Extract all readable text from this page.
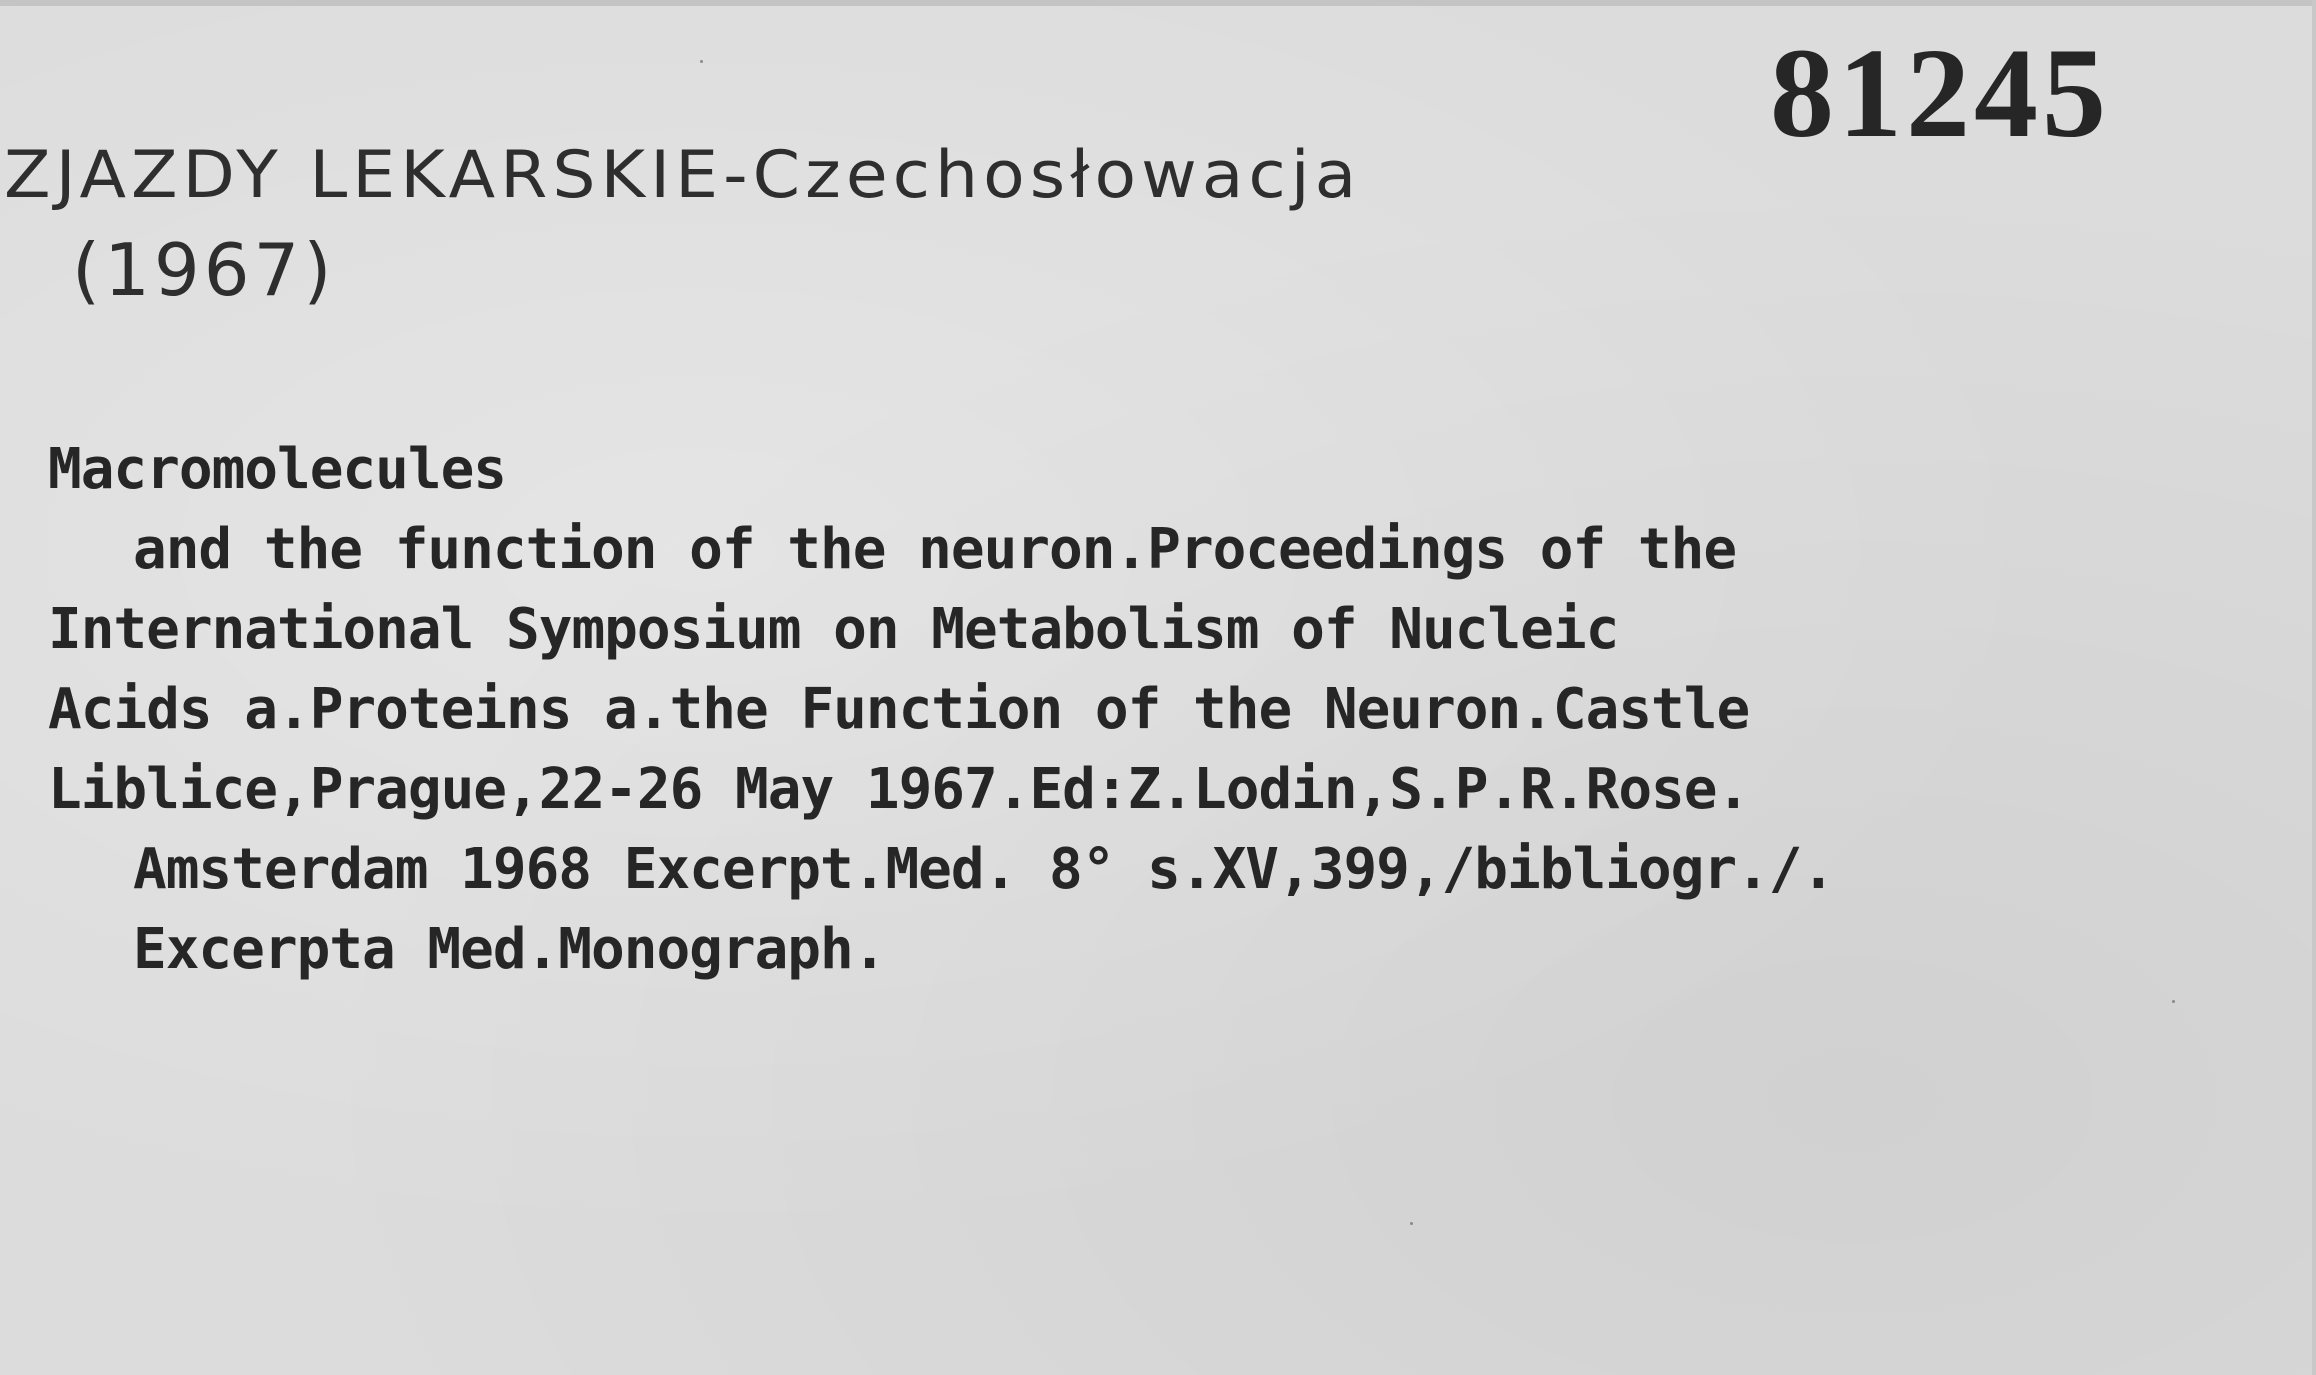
81245
ZJAZDY LEKARSKIE-Czechosłowacja
(1967)
Macromolecules
and the function of the neuron.Proceedings of the
International Symposium on Metabolism of Nucleic
Acids a.Proteins a.the Function of the Neuron.Castle
Liblice,Prague,22-26 May 1967.Ed:Z.Lodin,S.P.R.Rose.
Amsterdam 1968 Excerpt.Med. 8° s.XV,399,/bibliogr./.
Excerpta Med.Monograph.
